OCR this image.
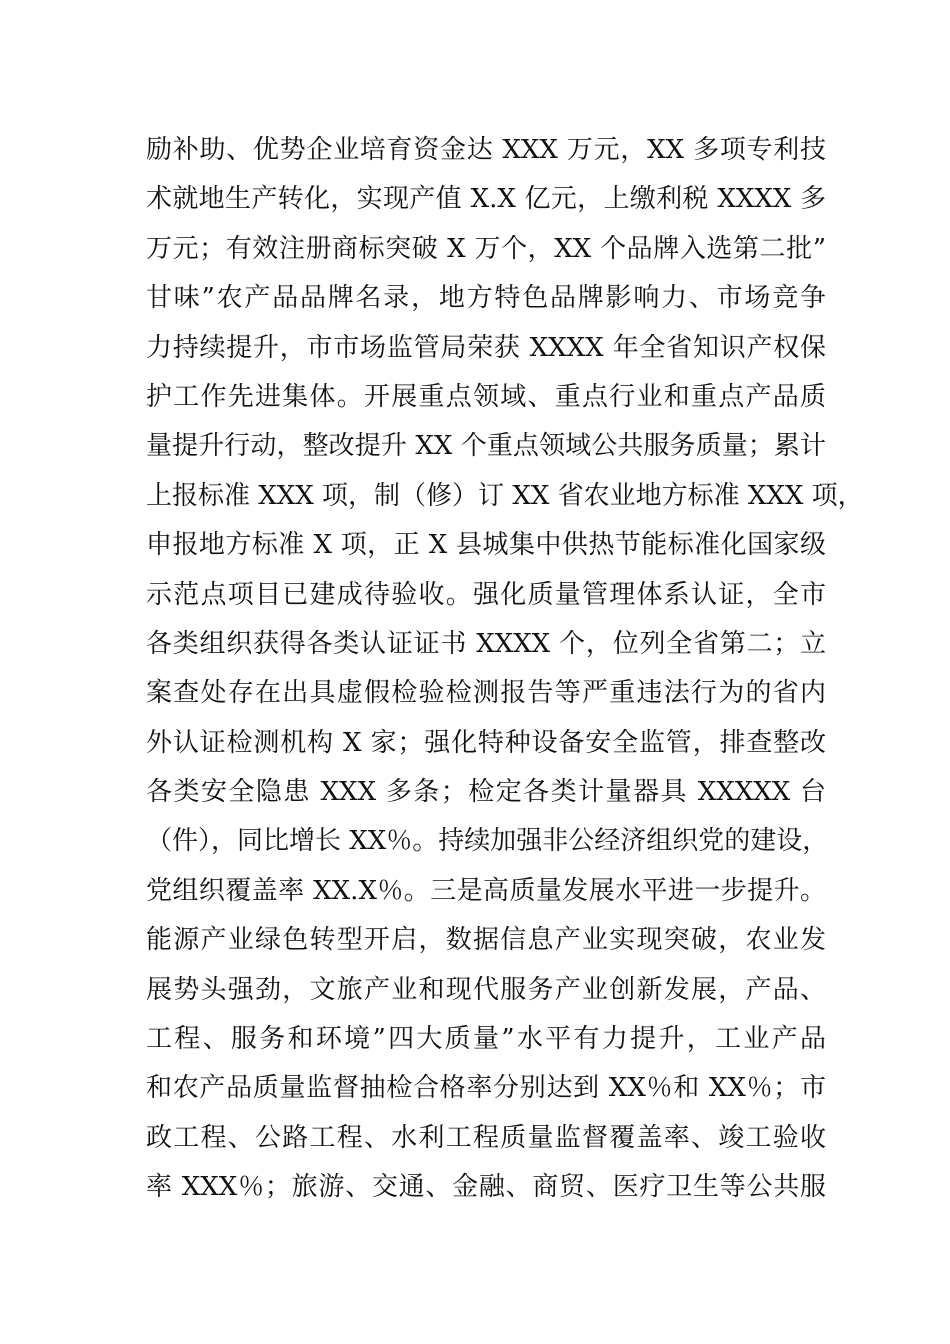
励补助、优势企业培育资金达 XXX 万元，XX 多项专利技
术就地生产转化，实现产值 X.X 亿元，上缴利税 XXXX 多
万元；有效注册商标突破 X 万个，XX 个品牌入选第二批”
甘味”农产品品牌名录，地方特色品牌影响力、市场竞争
力持续提升，市市场监管局荣获 XXXX 年全省知识产权保
护工作先进集体。开展重点领域、重点行业和重点产品质
量提升行动，整改提升 XX 个重点领域公共服务质量；累计
上报标准 XXX 项，制（修）订 XX 省农业地方标准 XXX 项，
申报地方标准 X 项，正 X 县城集中供热节能标准化国家级
示范点项目已建成待验收。强化质量管理体系认证，全市
各类组织获得各类认证证书 XXXX 个，位列全省第二；立
案查处存在出具虚假检验检测报告等严重违法行为的省内
外认证检测机构 X 家；强化特种设备安全监管，排查整改
各类安全隐患 XXX 多条；检定各类计量器具 XXXXX 台
（件），同比增长 XX％。持续加强非公经济组织党的建设，
党组织覆盖率 XX.X％。三是高质量发展水平进一步提升。
能源产业绿色转型开启，数据信息产业实现突破，农业发
展势头强劲，文旅产业和现代服务产业创新发展，产品、
工程、服务和环境”四大质量”水平有力提升，工业产品
和农产品质量监督抽检合格率分别达到 XX％和 XX％；市
政工程、公路工程、水利工程质量监督覆盖率、竣工验收
率 XXX％；旅游、交通、金融、商贸、医疗卫生等公共服
